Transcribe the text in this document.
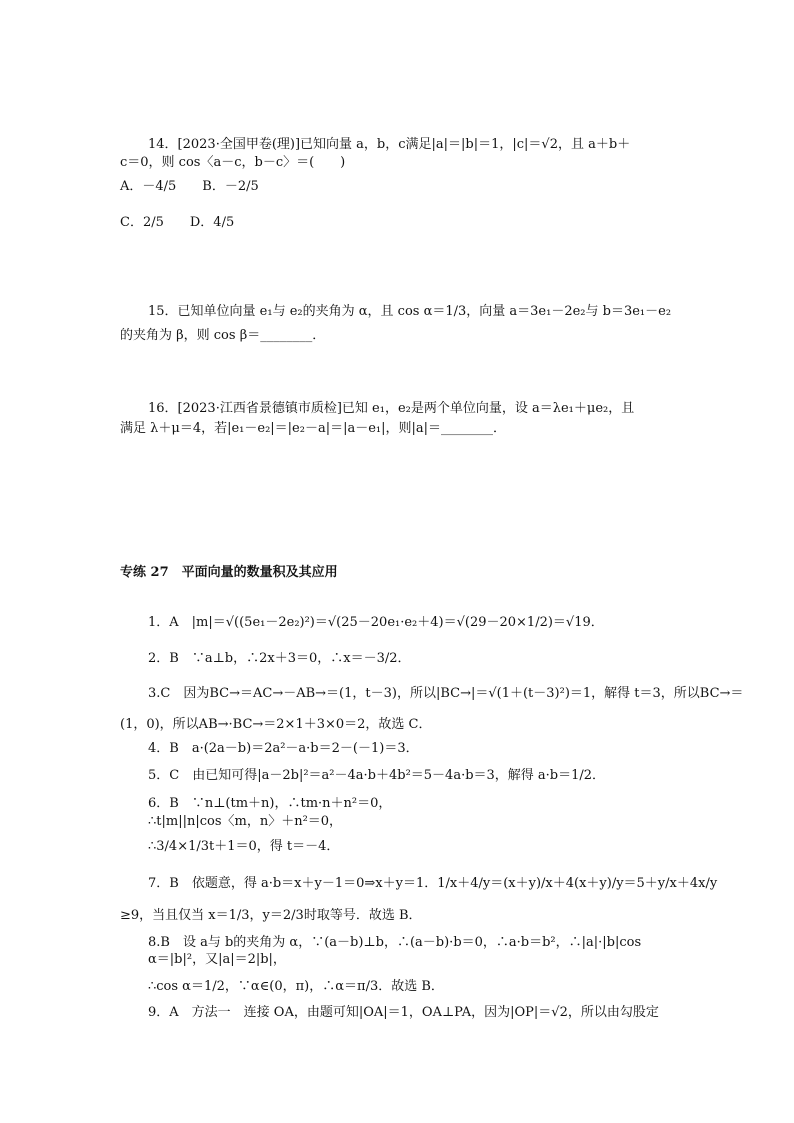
14．[2023·全国甲卷(理)]已知向量 a，b，c满足|a|＝|b|＝1，|c|＝√2，且 a＋b＋
c＝0，则 cos〈a－c，b－c〉＝(　　)
A．－4/5　　B．－2/5
C．2/5　　D．4/5
15．已知单位向量 e₁与 e₂的夹角为 α，且 cos α＝1/3，向量 a＝3e₁－2e₂与 b＝3e₁－e₂
的夹角为 β，则 cos β＝________．
16．[2023·江西省景德镇市质检]已知 e₁，e₂是两个单位向量，设 a＝λe₁＋μe₂，且
满足 λ＋μ＝4，若|e₁－e₂|＝|e₂－a|＝|a－e₁|，则|a|＝________．
专练 27　平面向量的数量积及其应用
1．A　|m|＝√((5e₁－2e₂)²)＝√(25－20e₁·e₂＋4)＝√(29－20×1/2)＝√19．
2．B　∵a⊥b，∴2x＋3＝0，∴x＝－3/2．
3.C　因为BC→＝AC→－AB→＝(1，t－3)，所以|BC→|＝√(1＋(t－3)²)＝1，解得 t＝3，所以BC→＝
(1，0)，所以AB→·BC→＝2×1＋3×0＝2，故选 C．
4．B　a·(2a－b)＝2a²－a·b＝2－(－1)＝3．
5．C　由已知可得|a－2b|²＝a²－4a·b＋4b²＝5－4a·b＝3，解得 a·b＝1/2．
6．B　∵n⊥(tm＋n)，∴tm·n＋n²＝0，
∴t|m||n|cos〈m，n〉＋n²＝0，
∴3/4×1/3t＋1＝0，得 t＝－4．
7．B　依题意，得 a·b＝x＋y－1＝0⇒x＋y＝1．1/x＋4/y＝(x＋y)/x＋4(x＋y)/y＝5＋y/x＋4x/y
≥9，当且仅当 x＝1/3，y＝2/3时取等号．故选 B．
8.B　设 a与 b的夹角为 α，∵(a－b)⊥b，∴(a－b)·b＝0，∴a·b＝b²，∴|a|·|b|cos
α＝|b|²，又|a|＝2|b|，
∴cos α＝1/2，∵α∈(0，π)，∴α＝π/3．故选 B．
9．A　方法一　连接 OA，由题可知|OA|＝1，OA⊥PA，因为|OP|＝√2，所以由勾股定
